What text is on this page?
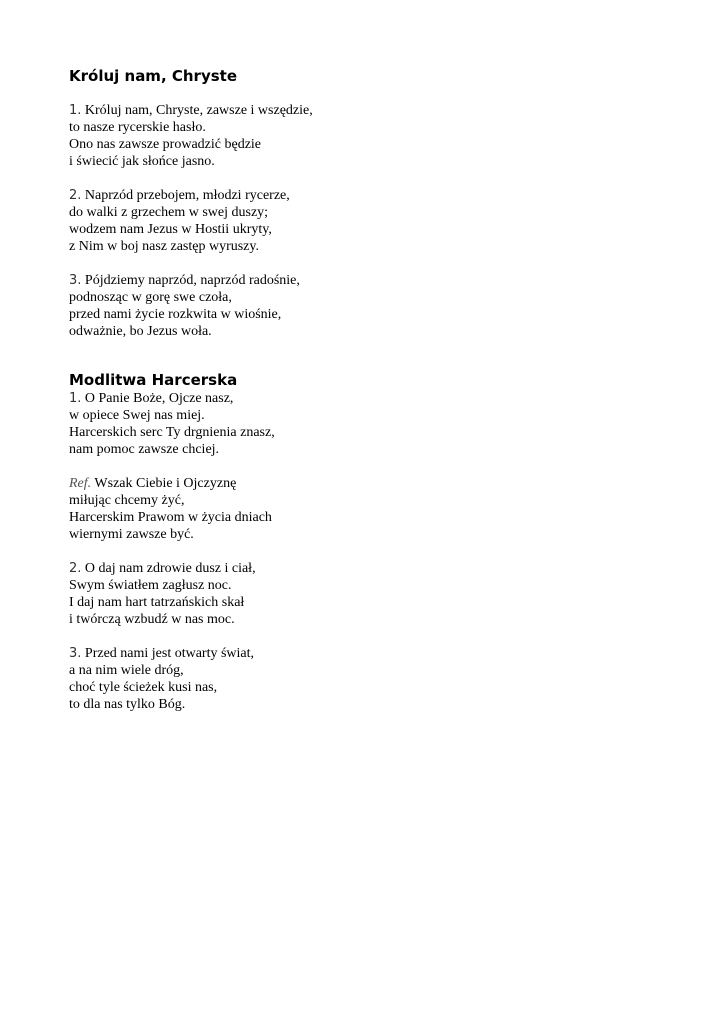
Króluj nam, Chryste
1. Króluj nam, Chryste, zawsze i wszędzie,
to nasze rycerskie hasło.
Ono nas zawsze prowadzić będzie
i świecić jak słońce jasno.
2. Naprzód przebojem, młodzi rycerze,
do walki z grzechem w swej duszy;
wodzem nam Jezus w Hostii ukryty,
z Nim w boj nasz zastęp wyruszy.
3. Pójdziemy naprzód, naprzód radośnie,
podnosząc w gorę swe czoła,
przed nami życie rozkwita w wiośnie,
odważnie, bo Jezus woła.
Modlitwa Harcerska
1. O Panie Boże, Ojcze nasz,
w opiece Swej nas miej.
Harcerskich serc Ty drgnienia znasz,
nam pomoc zawsze chciej.
Ref. Wszak Ciebie i Ojczyznę
miłując chcemy żyć,
Harcerskim Prawom w życia dniach
wiernymi zawsze być.
2. O daj nam zdrowie dusz i ciał,
Swym światłem zagłusz noc.
I daj nam hart tatrzańskich skał
i twórczą wzbudź w nas moc.
3. Przed nami jest otwarty świat,
a na nim wiele dróg,
choć tyle ścieżek kusi nas,
to dla nas tylko Bóg.
